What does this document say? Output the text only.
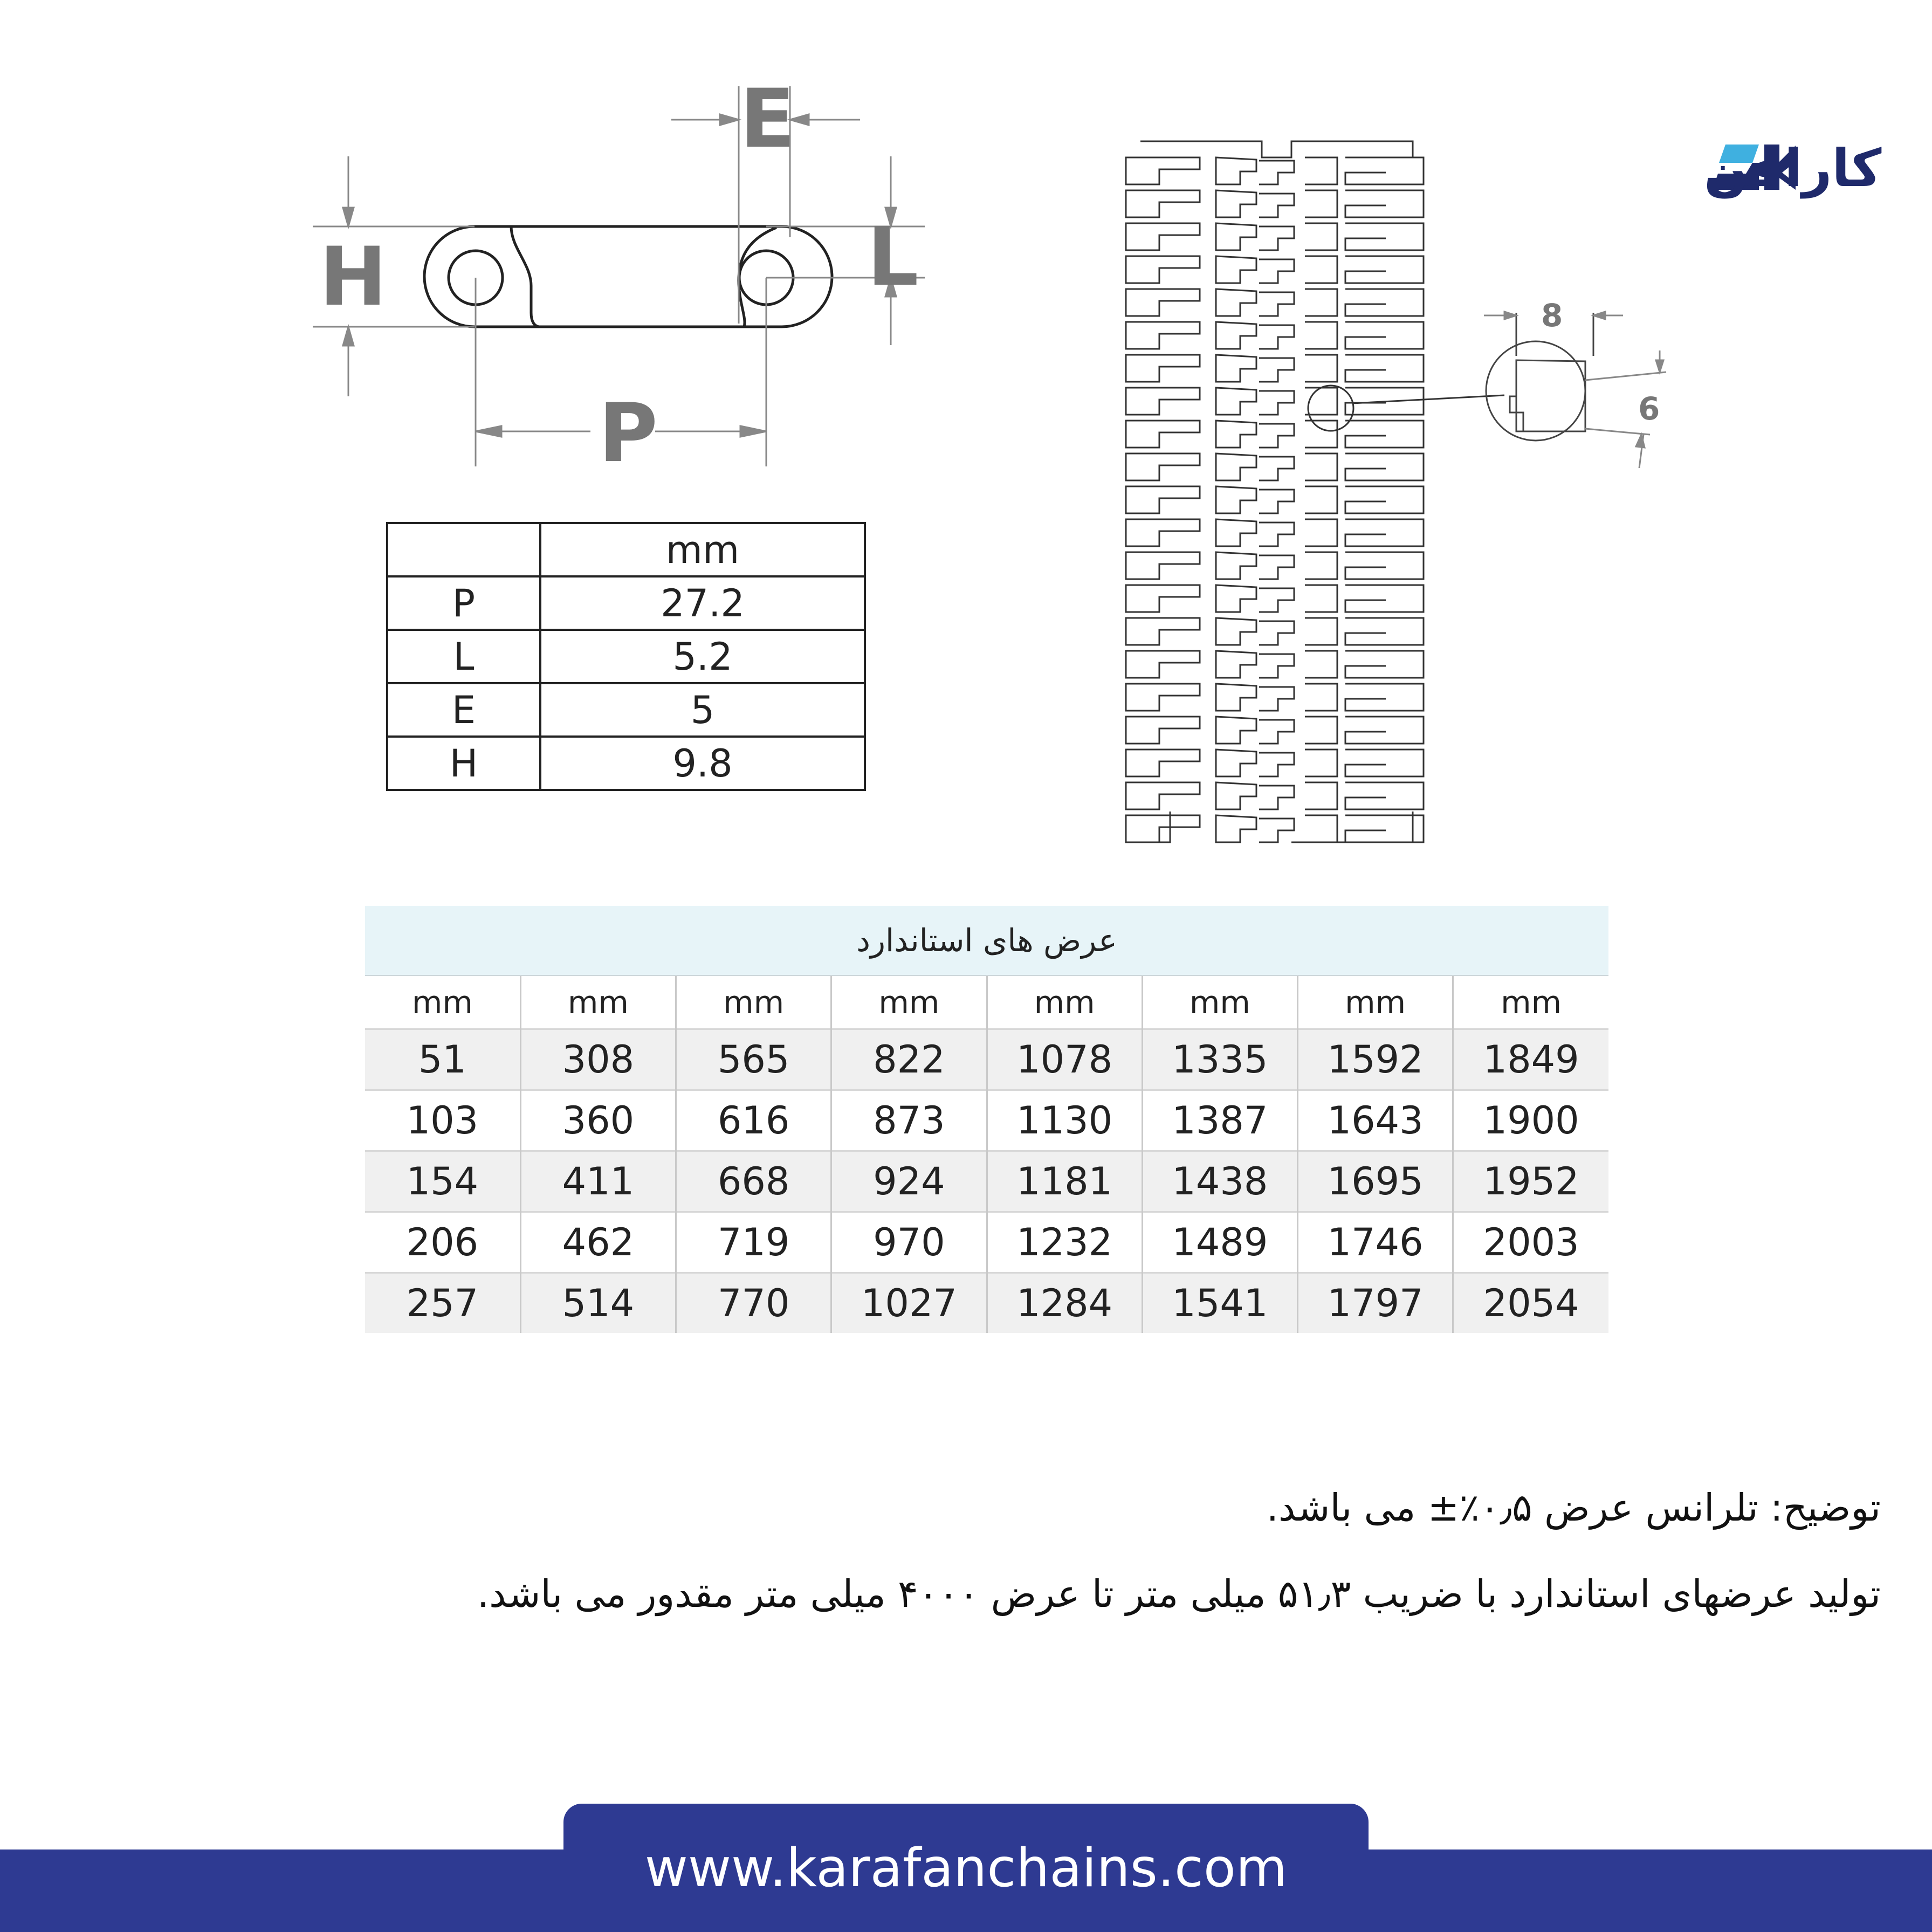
H	L
E
P
	mm
P	27.2
L	5.2
E	5
H	9.8
8
6
کارافن
عرض های استاندارد
mm	mm	mm	mm	mm	mm	mm	mm
51	308	565	822	1078	1335	1592	1849
103	360	616	873	1130	1387	1643	1900
154	411	668	924	1181	1438	1695	1952
206	462	719	970	1232	1489	1746	2003
257	514	770	1027	1284	1541	1797	2054
توضیح: تلرانس عرض ۰٫۵٪± می باشد.
تولید عرضهای استاندارد با ضریب ۵۱٫۳ میلی متر تا عرض ۴۰۰۰ میلی متر مقدور می باشد.
www.karafanchains.com
